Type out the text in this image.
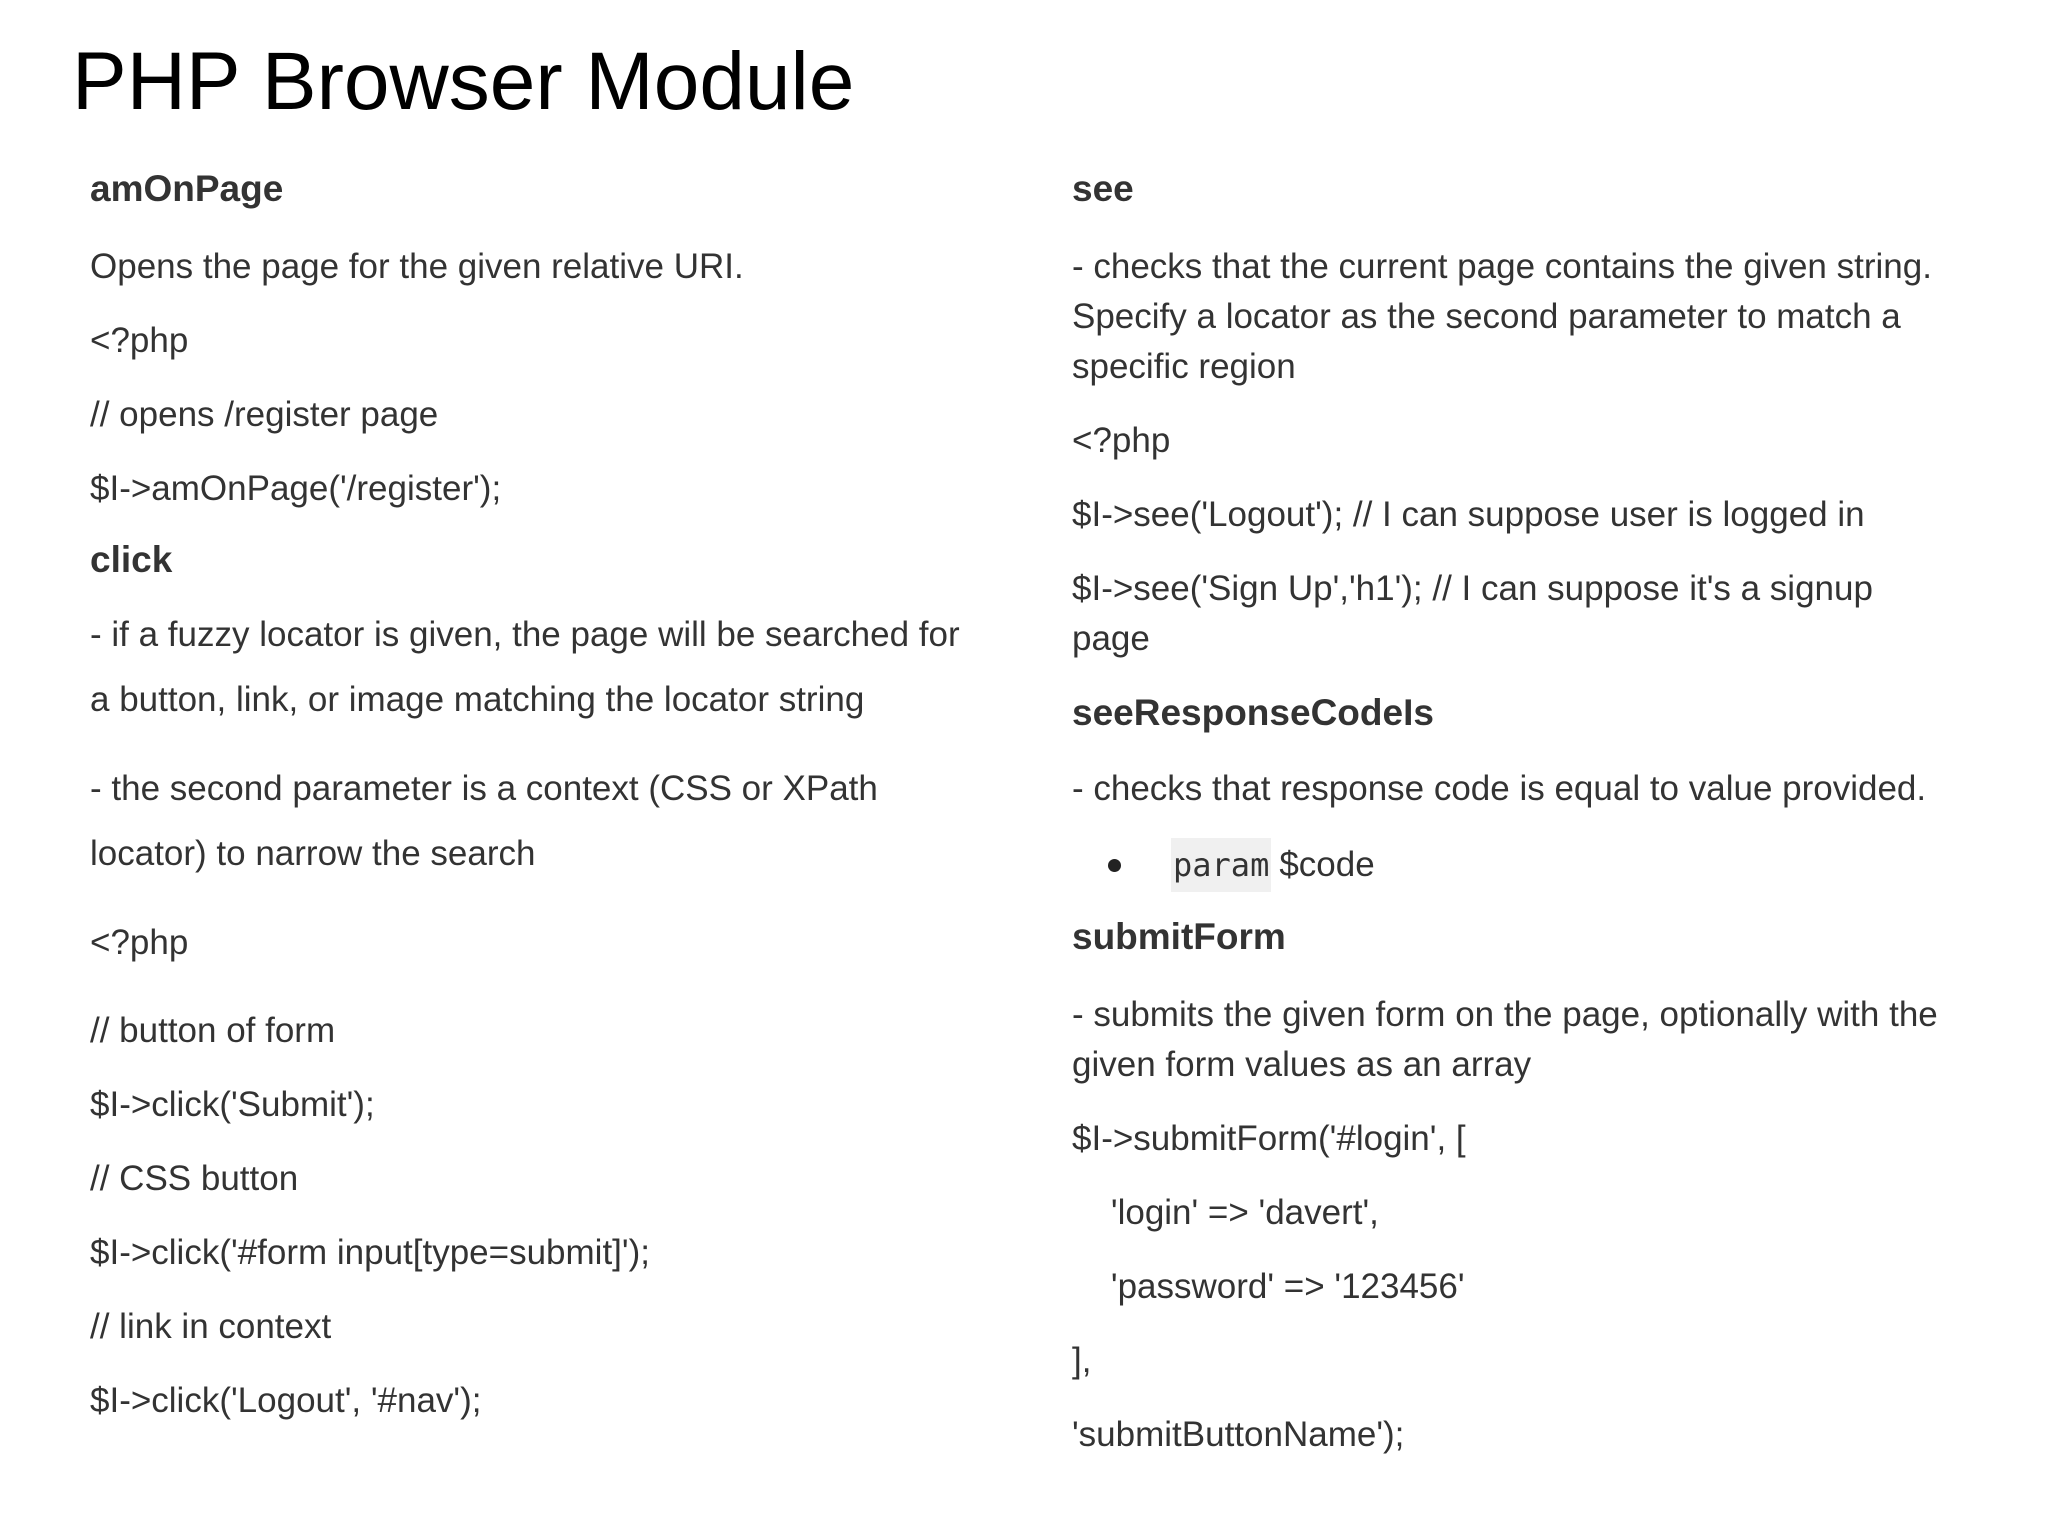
PHP Browser Module

amOnPage

Opens the page for the given relative URI.

<?php

// opens /register page

$I->amOnPage('/register');

click

- if a fuzzy locator is given, the page will be searched for

a button, link, or image matching the locator string

- the second parameter is a context (CSS or XPath

locator) to narrow the search

<?php

// button of form

$I->click('Submit');

// CSS button

$I->click('#form input[type=submit]');

// link in context

$I->click('Logout', '#nav');

see

- checks that the current page contains the given string.

Specify a locator as the second parameter to match a

specific region

<?php

$I->see('Logout'); // I can suppose user is logged in

$I->see('Sign Up','h1'); // I can suppose it's a signup

page

seeResponseCodeIs

- checks that response code is equal to value provided.

param $code

submitForm

- submits the given form on the page, optionally with the

given form values as an array

$I->submitForm('#login', [

'login' => 'davert',

'password' => '123456'

],

'submitButtonName');
